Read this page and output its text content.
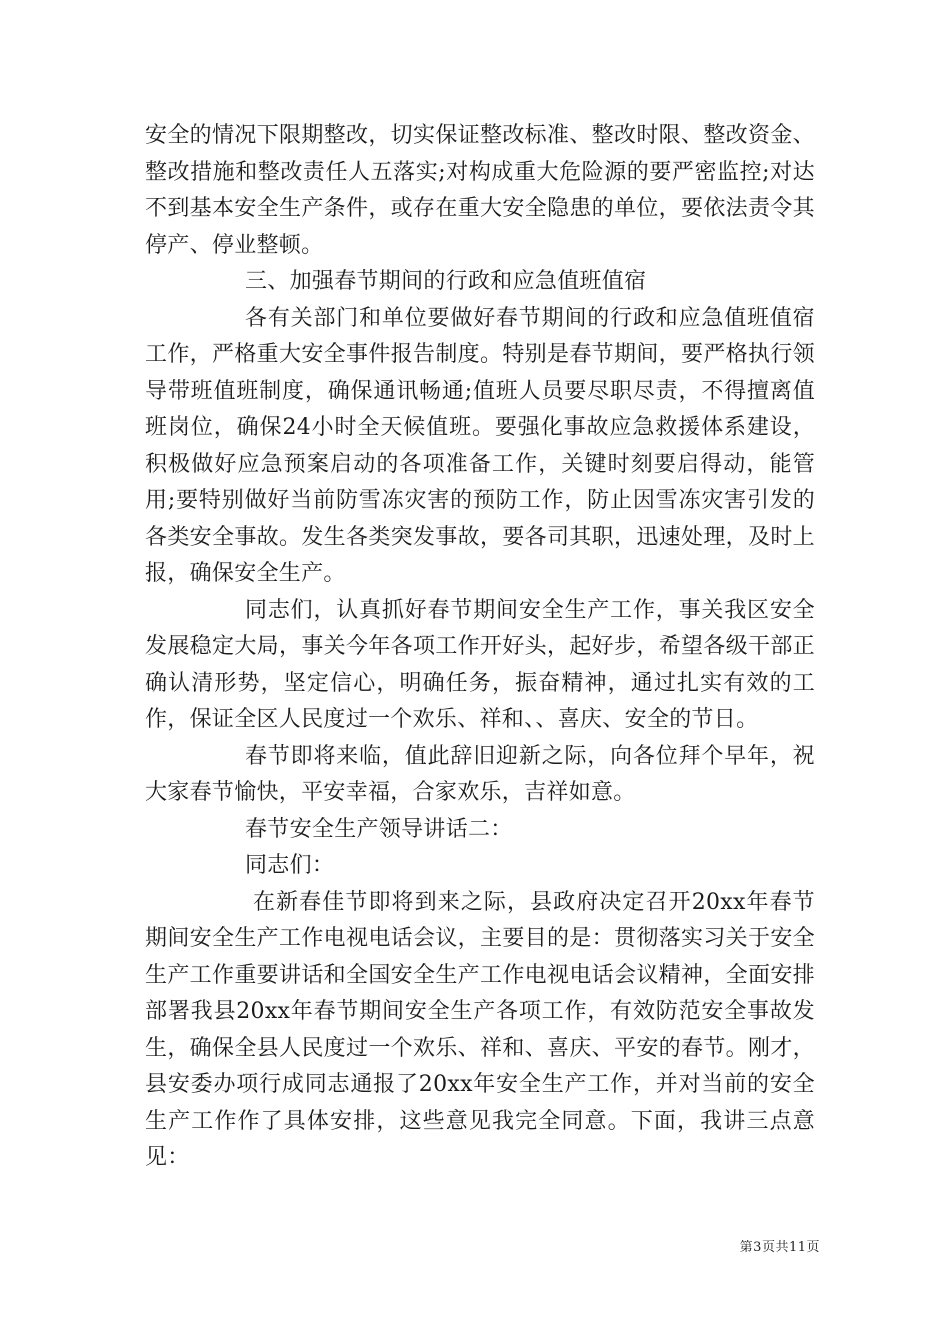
安全的情况下限期整改，切实保证整改标准、整改时限、整改资金、整改措施和整改责任人五落实;对构成重大危险源的要严密监控;对达不到基本安全生产条件，或存在重大安全隐患的单位，要依法责令其停产、停业整顿。

三、加强春节期间的行政和应急值班值宿

各有关部门和单位要做好春节期间的行政和应急值班值宿工作，严格重大安全事件报告制度。特别是春节期间，要严格执行领导带班值班制度，确保通讯畅通;值班人员要尽职尽责，不得擅离值班岗位，确保24小时全天候值班。要强化事故应急救援体系建设，积极做好应急预案启动的各项准备工作，关键时刻要启得动，能管用;要特别做好当前防雪冻灾害的预防工作，防止因雪冻灾害引发的各类安全事故。发生各类突发事故，要各司其职，迅速处理，及时上报，确保安全生产。

同志们，认真抓好春节期间安全生产工作，事关我区安全发展稳定大局，事关今年各项工作开好头，起好步，希望各级干部正确认清形势，坚定信心，明确任务，振奋精神，通过扎实有效的工作，保证全区人民度过一个欢乐、祥和、、喜庆、安全的节日。

春节即将来临，值此辞旧迎新之际，向各位拜个早年，祝大家春节愉快，平安幸福，合家欢乐，吉祥如意。

春节安全生产领导讲话二：

同志们：

在新春佳节即将到来之际，县政府决定召开20xx年春节期间安全生产工作电视电话会议，主要目的是：贯彻落实习关于安全生产工作重要讲话和全国安全生产工作电视电话会议精神，全面安排部署我县20xx年春节期间安全生产各项工作，有效防范安全事故发生，确保全县人民度过一个欢乐、祥和、喜庆、平安的春节。刚才，县安委办项行成同志通报了20xx年安全生产工作，并对当前的安全生产工作作了具体安排，这些意见我完全同意。下面，我讲三点意见：

第3页共11页
